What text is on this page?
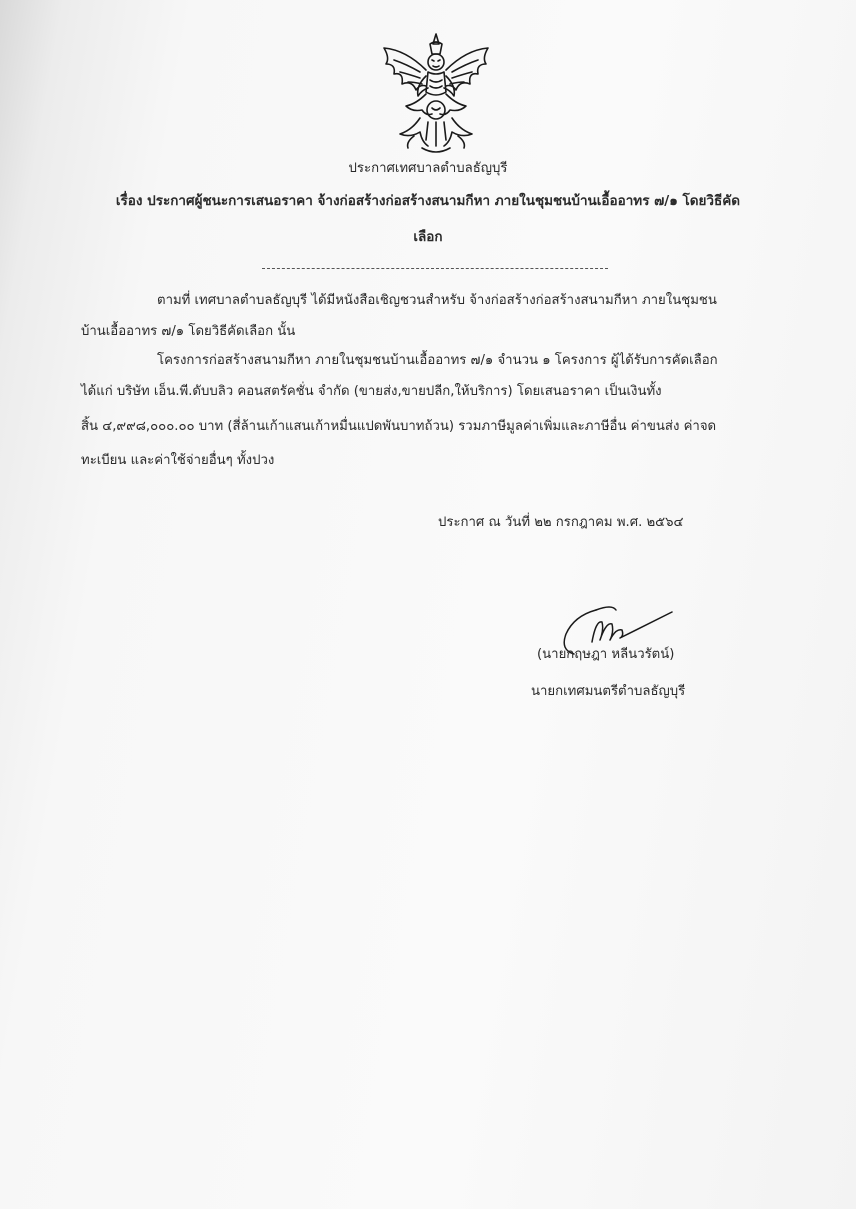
ประกาศเทศบาลตำบลธัญบุรี
เรื่อง ประกาศผู้ชนะการเสนอราคา จ้างก่อสร้างก่อสร้างสนามกีหา ภายในชุมชนบ้านเอื้ออาทร ๗/๑ โดยวิธีคัด
เลือก
ตามที่ เทศบาลตำบลธัญบุรี ได้มีหนังสือเชิญชวนสำหรับ จ้างก่อสร้างก่อสร้างสนามกีหา ภายในชุมชน
บ้านเอื้ออาทร ๗/๑ โดยวิธีคัดเลือก นั้น
โครงการก่อสร้างสนามกีหา ภายในชุมชนบ้านเอื้ออาทร ๗/๑ จำนวน ๑ โครงการ ผู้ได้รับการคัดเลือก
ได้แก่ บริษัท เอ็น.พี.ดับบลิว คอนสตรัคชั่น จำกัด (ขายส่ง,ขายปลีก,ให้บริการ) โดยเสนอราคา เป็นเงินทั้ง
สิ้น ๔,๙๙๘,๐๐๐.๐๐ บาท (สี่ล้านเก้าแสนเก้าหมื่นแปดพันบาทถ้วน) รวมภาษีมูลค่าเพิ่มและภาษีอื่น ค่าขนส่ง ค่าจด
ทะเบียน และค่าใช้จ่ายอื่นๆ ทั้งปวง
ประกาศ ณ วันที่ ๒๒ กรกฎาคม พ.ศ. ๒๕๖๔
(นายกฤษฎา หลีนวรัตน์)
นายกเทศมนตรีตำบลธัญบุรี
